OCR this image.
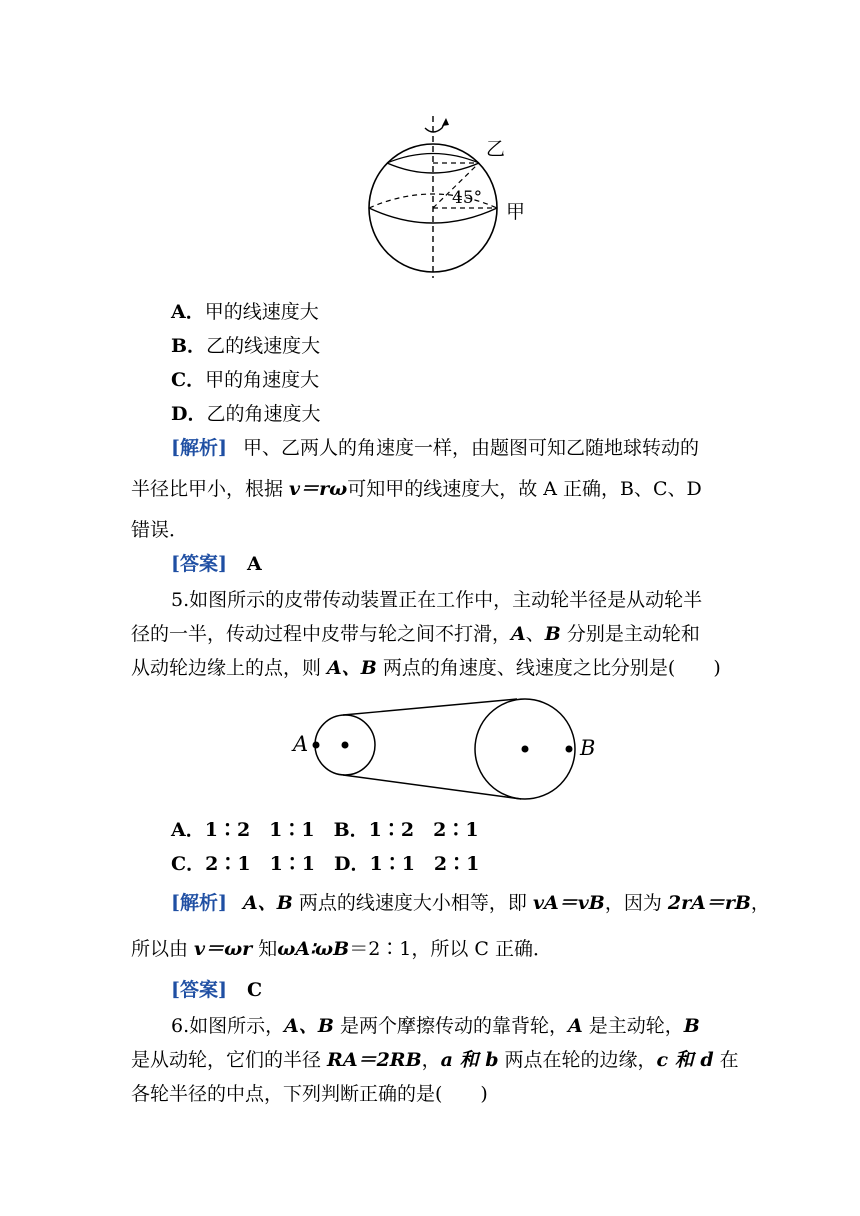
45°
乙
甲
A．甲的线速度大
B．乙的线速度大
C．甲的角速度大
D．乙的角速度大
[解析] 甲、乙两人的角速度一样，由题图可知乙随地球转动的
半径比甲小，根据 v＝rω可知甲的线速度大，故 A 正确，B、C、D
错误．
[答案] A
5.如图所示的皮带传动装置正在工作中，主动轮半径是从动轮半
径的一半，传动过程中皮带与轮之间不打滑，A、B 分别是主动轮和
从动轮边缘上的点，则 A、B 两点的角速度、线速度之比分别是(　　)
A	B
A．1∶2　1∶1　B．1∶2　2∶1
C．2∶1　1∶1　D．1∶1　2∶1
[解析] A、B 两点的线速度大小相等，即 vA＝vB，因为 2rA＝rB，
所以由 v＝ωr 知ωA∶ωB＝2∶1，所以 C 正确．
[答案] C
6.如图所示，A、B 是两个摩擦传动的靠背轮，A 是主动轮，B
是从动轮，它们的半径 RA＝2RB，a 和 b 两点在轮的边缘，c 和 d 在
各轮半径的中点，下列判断正确的是(　　)
